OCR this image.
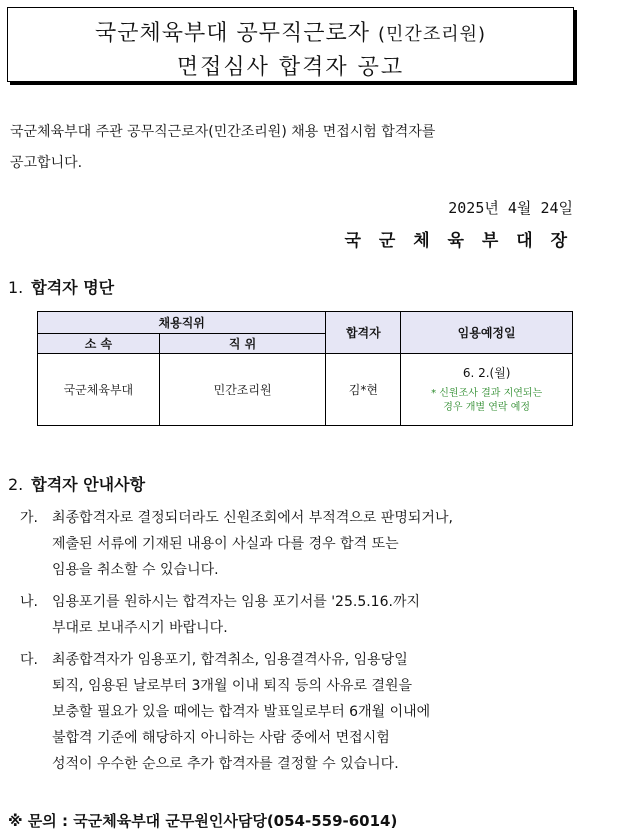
국군체육부대 공무직근로자 (민간조리원)
면접심사 합격자 공고
국군체육부대 주관 공무직근로자(민간조리원) 채용 면접시험 합격자를
공고합니다.
2025년 4월 24일
국 군 체 육 부 대 장
1. 합격자 명단
채용직위		합격자	임용예정일
소 속	직 위		
국군체육부대	민간조리원	김*현	6. 2.(월)
* 신원조사 결과 지연되는
경우 개별 연락 예정
2. 합격자 안내사항
가.	최종합격자로 결정되더라도 신원조회에서 부적격으로 판명되거나,
제출된 서류에 기재된 내용이 사실과 다를 경우 합격 또는
임용을 취소할 수 있습니다.
나.	임용포기를 원하시는 합격자는 임용 포기서를 '25.5.16.까지
부대로 보내주시기 바랍니다.
다.	최종합격자가 임용포기, 합격취소, 임용결격사유, 임용당일
퇴직, 임용된 날로부터 3개월 이내 퇴직 등의 사유로 결원을
보충할 필요가 있을 때에는 합격자 발표일로부터 6개월 이내에
불합격 기준에 해당하지 아니하는 사람 중에서 면접시험
성적이 우수한 순으로 추가 합격자를 결정할 수 있습니다.
※ 문의 : 국군체육부대 군무원인사담당(054-559-6014)
